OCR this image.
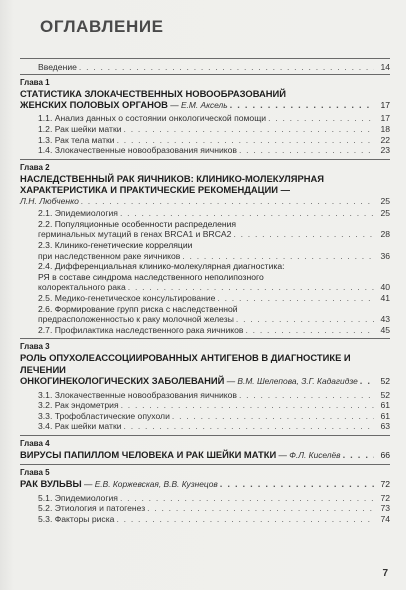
ОГЛАВЛЕНИЕ
Введение . . .	14
Глава 1
СТАТИСТИКА ЗЛОКАЧЕСТВЕННЫХ НОВООБРАЗОВАНИЙ
ЖЕНСКИХ ПОЛОВЫХ ОРГАНОВ — Е.М. Аксель . . .	17
1.1. Анализ данных о состоянии онкологической помощи . . .	17
1.2. Рак шейки матки . . .	18
1.3. Рак тела матки . . .	22
1.4. Злокачественные новообразования яичников . . .	23
Глава 2
НАСЛЕДСТВЕННЫЙ РАК ЯИЧНИКОВ: КЛИНИКО-МОЛЕКУЛЯРНАЯ
ХАРАКТЕРИСТИКА И ПРАКТИЧЕСКИЕ РЕКОМЕНДАЦИИ —
Л.Н. Любченко . . .	25
2.1. Эпидемиология . . .	25
2.2. Популяционные особенности распределения
герминальных мутаций в генах BRCA1 и BRCA2 . . .	28
2.3. Клинико-генетические корреляции
при наследственном раке яичников . . .	36
2.4. Дифференциальная клинико-молекулярная диагностика:
РЯ в составе синдрома наследственного неполипозного
колоректального рака . . .	40
2.5. Медико-генетическое консультирование . . .	41
2.6. Формирование групп риска с наследственной
предрасположенностью к раку молочной железы . . .	43
2.7. Профилактика наследственного рака яичников . . .	45
Глава 3
РОЛЬ ОПУХОЛЕАССОЦИИРОВАННЫХ АНТИГЕНОВ В ДИАГНОСТИКЕ И ЛЕЧЕНИИ
ОНКОГИНЕКОЛОГИЧЕСКИХ ЗАБОЛЕВАНИЙ — В.М. Шелепова, З.Г. Кадагидзе . . .	52
3.1. Злокачественные новообразования яичников . . .	52
3.2. Рак эндометрия . . .	61
3.3. Трофобластические опухоли . . .	61
3.4. Рак шейки матки . . .	63
Глава 4
ВИРУСЫ ПАПИЛЛОМ ЧЕЛОВЕКА И РАК ШЕЙКИ МАТКИ — Ф.Л. Киселёв . . .	66
Глава 5
РАК ВУЛЬВЫ — Е.В. Коржевская, В.В. Кузнецов . . .	72
5.1. Эпидемиология . . .	72
5.2. Этиология и патогенез . . .	73
5.3. Факторы риска . . .	74
7
